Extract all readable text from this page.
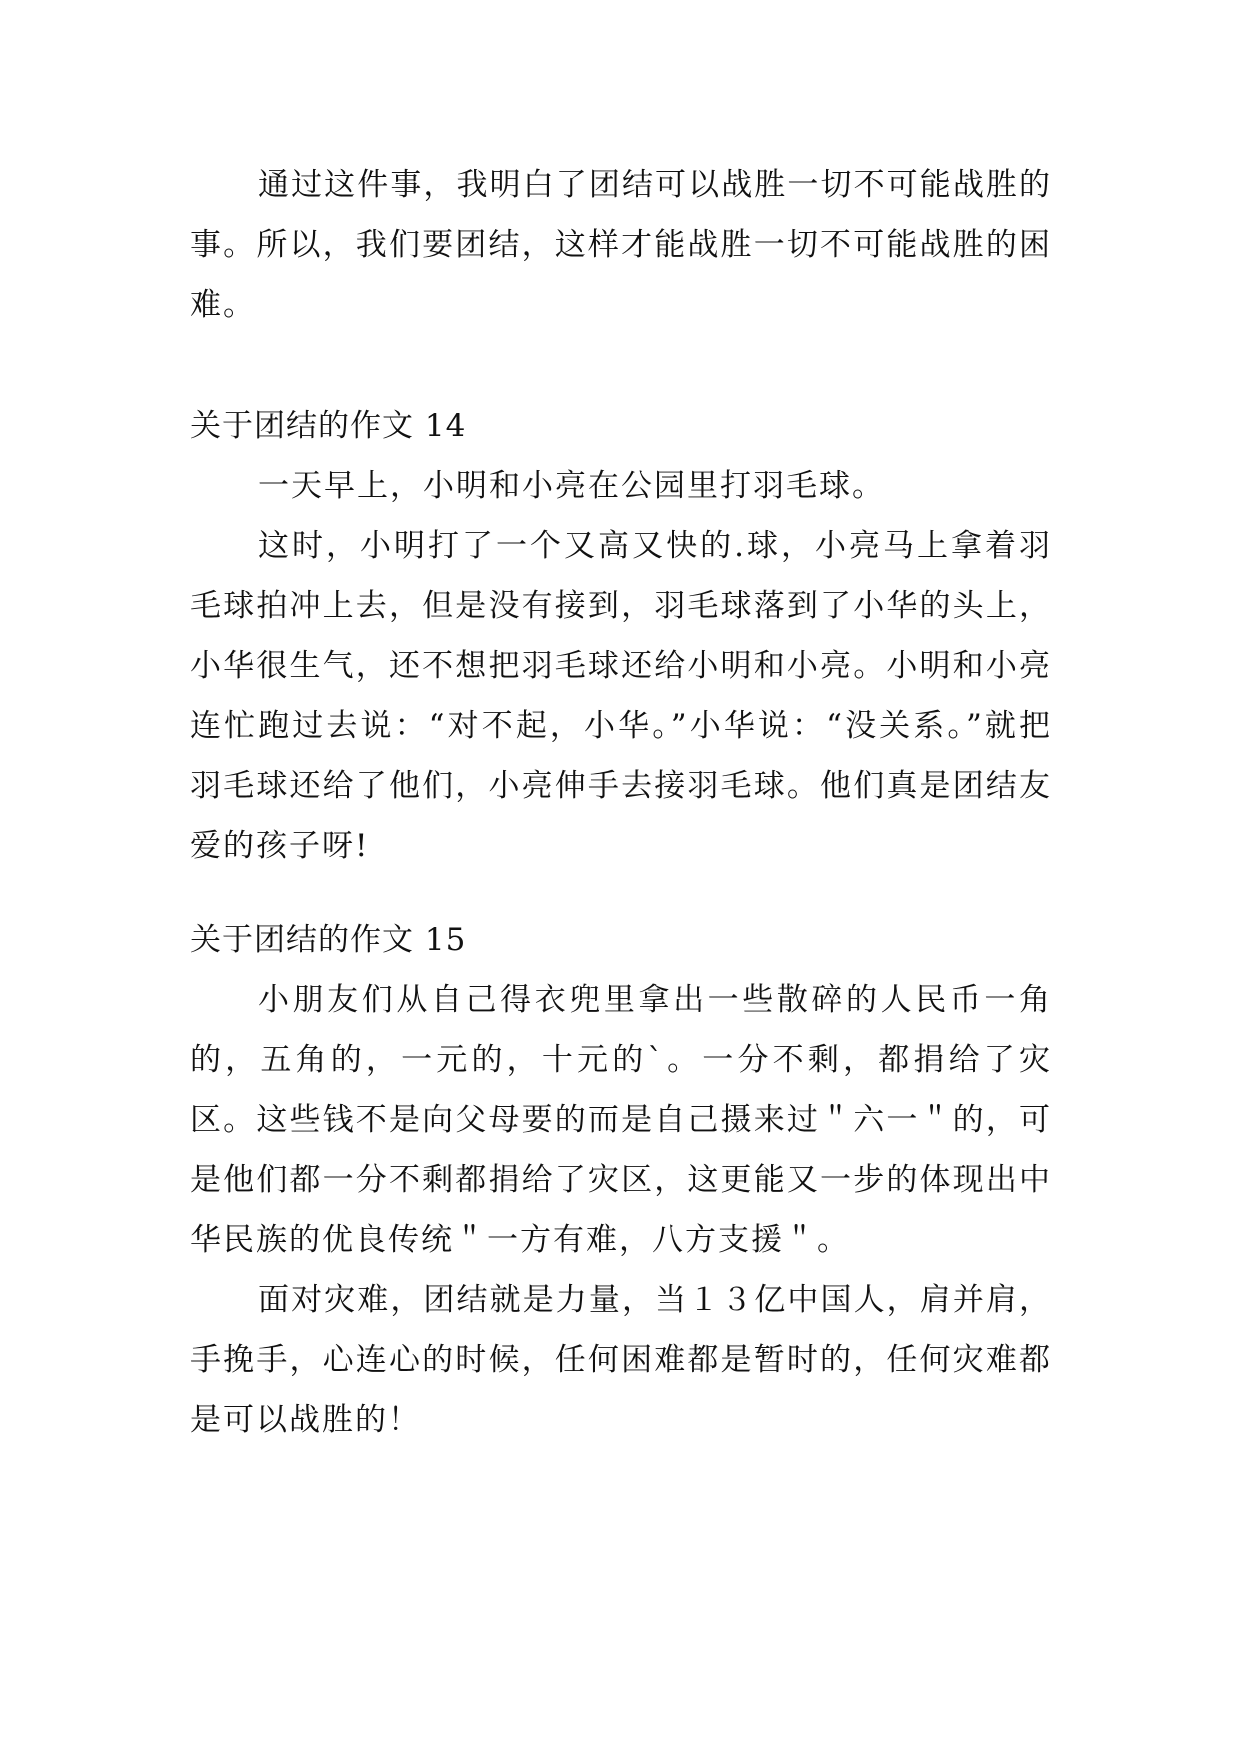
通过这件事，我明白了团结可以战胜一切不可能战胜的事。所以，我们要团结，这样才能战胜一切不可能战胜的困难。

关于团结的作文 14

一天早上，小明和小亮在公园里打羽毛球。

这时，小明打了一个又高又快的.球，小亮马上拿着羽毛球拍冲上去，但是没有接到，羽毛球落到了小华的头上，小华很生气，还不想把羽毛球还给小明和小亮。小明和小亮连忙跑过去说：“对不起，小华。”小华说：“没关系。”就把羽毛球还给了他们，小亮伸手去接羽毛球。他们真是团结友爱的孩子呀!

关于团结的作文 15

小朋友们从自己得衣兜里拿出一些散碎的人民币一角的，五角的，一元的，十元的`。一分不剩，都捐给了灾区。这些钱不是向父母要的而是自己摄来过＂六一＂的，可是他们都一分不剩都捐给了灾区，这更能又一步的体现出中华民族的优良传统＂一方有难，八方支援＂。

面对灾难，团结就是力量，当１３亿中国人，肩并肩，手挽手，心连心的时候，任何困难都是暂时的，任何灾难都是可以战胜的！
